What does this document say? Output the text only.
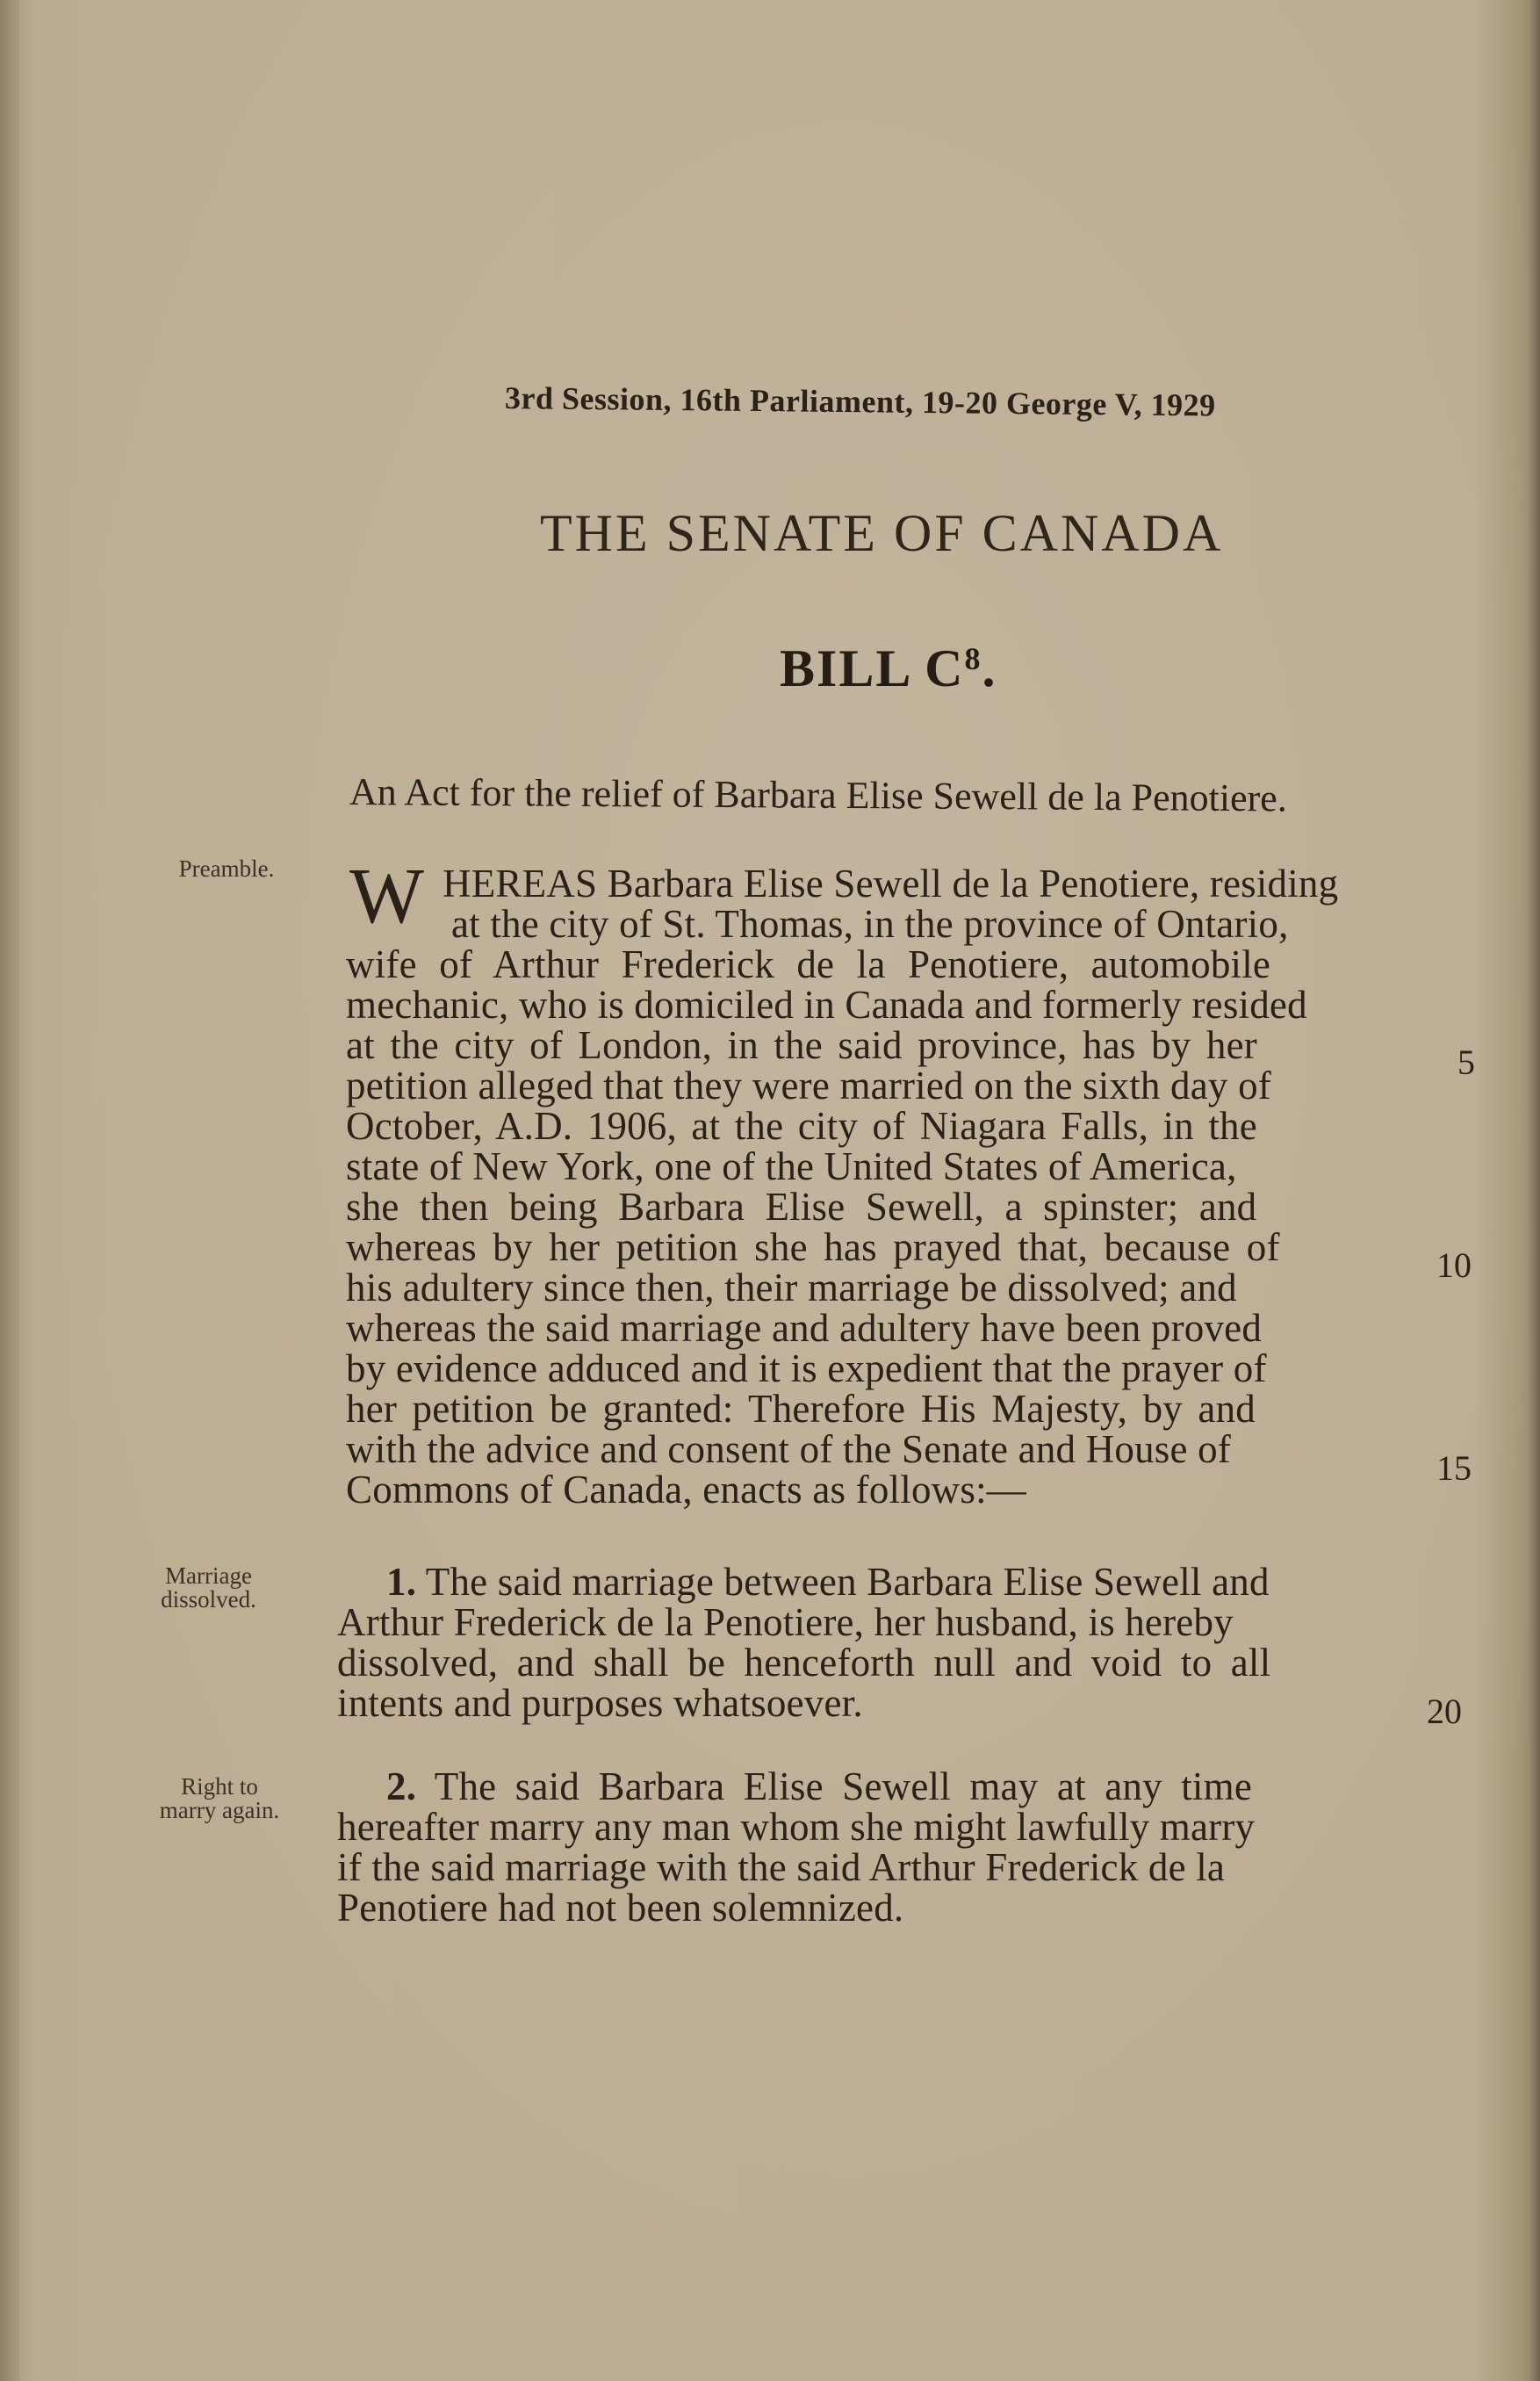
3rd Session, 16th Parliament, 19-20 George V, 1929
THE SENATE OF CANADA
BILL $C^8$.
An Act for the relief of Barbara Elise Sewell de la Penotiere.
Preamble.
Marriage
dissolved.
Right to
marry again.
W HEREAS Barbara Elise Sewell de la Penotiere, residing
at the city of St. Thomas, in the province of Ontario,
wife of Arthur Frederick de la Penotiere, automobile
mechanic, who is domiciled in Canada and formerly resided
at the city of London, in the said province, has by her
petition alleged that they were married on the sixth day of
October, A.D. 1906, at the city of Niagara Falls, in the
state of New York, one of the United States of America,
she then being Barbara Elise Sewell, a spinster; and
whereas by her petition she has prayed that, because of
his adultery since then, their marriage be dissolved; and
whereas the said marriage and adultery have been proved
by evidence adduced and it is expedient that the prayer of
her petition be granted: Therefore His Majesty, by and
with the advice and consent of the Senate and House of
Commons of Canada, enacts as follows:—
1. The said marriage between Barbara Elise Sewell and
Arthur Frederick de la Penotiere, her husband, is hereby
dissolved, and shall be henceforth null and void to all
intents and purposes whatsoever.
2. The said Barbara Elise Sewell may at any time
hereafter marry any man whom she might lawfully marry
if the said marriage with the said Arthur Frederick de la
Penotiere had not been solemnized.
5
10
15
20
